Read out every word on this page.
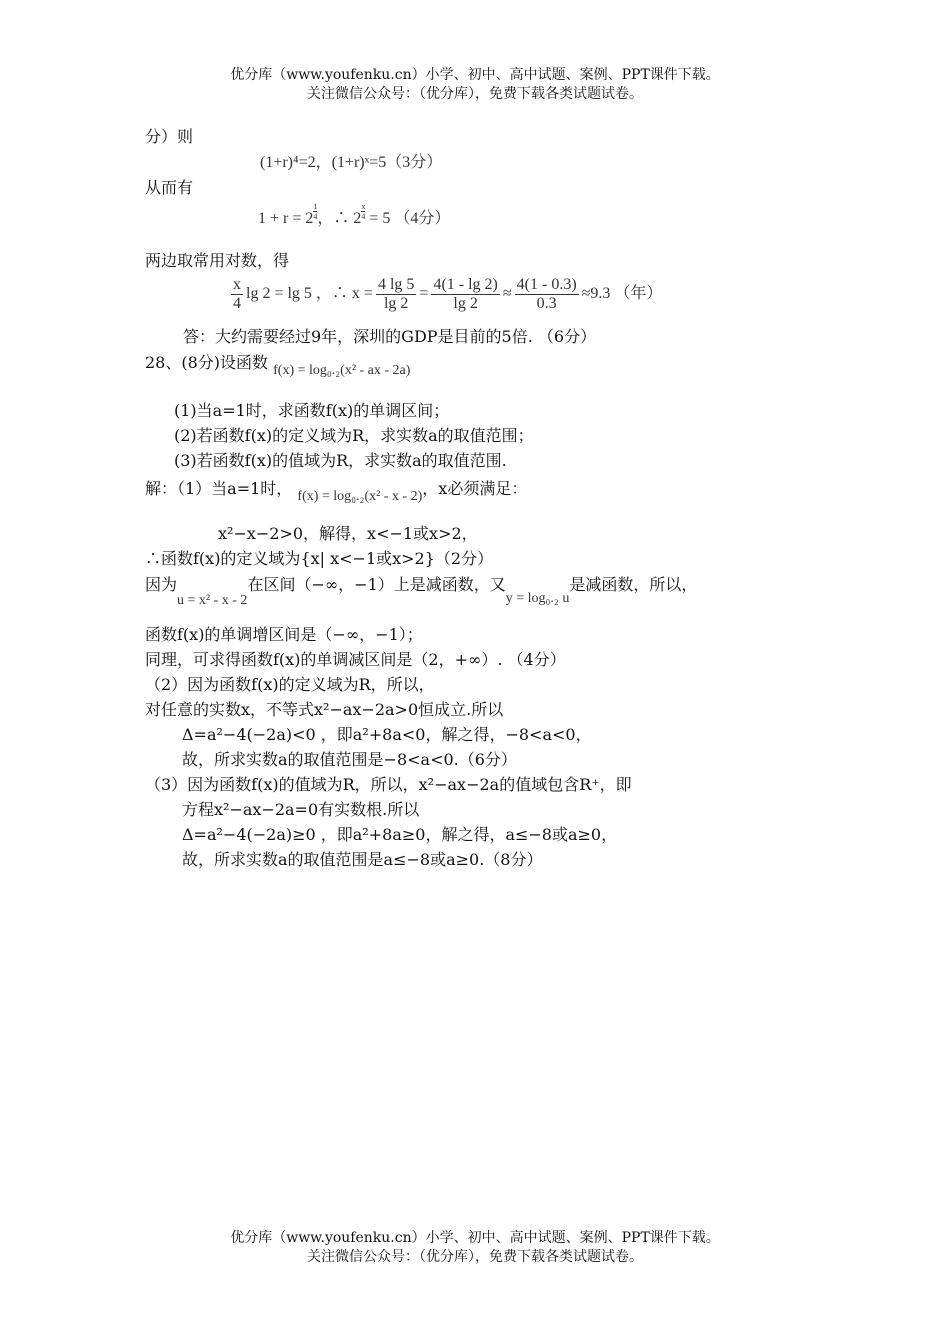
优分库（www.youfenku.cn）小学、初中、高中试题、案例、PPT课件下载。
关注微信公众号：（优分库），免费下载各类试题试卷。
分）则
(1+r)⁴=2，(1+r)ˣ=5（3分）
从而有
$1 + r = 2 \frac{1}{4}$ ，∴ $2 \frac{x}{4} = 5$ （4分）
两边取常用对数，得
$\frac{x}{4}$ lg 2 = lg 5 ，∴ $x = \frac{4 \lg 5}{\lg 2} = \frac{4(1 - \lg 2)}{\lg 2} \approx \frac{4(1 - 0.3)}{0.3} \approx 9.3$ （年）
答：大约需要经过9年，深圳的GDP是目前的5倍. （6分）
28、(8分)设函数 f(x) = log₀.₂(x² - ax - 2a)
(1)当a=1时，求函数f(x)的单调区间；
(2)若函数f(x)的定义域为R，求实数a的取值范围；
(3)若函数f(x)的值域为R，求实数a的取值范围.
解：（1）当a=1时， f(x) = log₀.₂(x² - x - 2)，x必须满足：
x²−x−2>0，解得，x<−1或x>2，
∴函数f(x)的定义域为{x| x<−1或x>2}（2分）
因为u = x² - x - 2在区间（−∞，−1）上是减函数，又y = log₀.₂ u是减函数，所以，
函数f(x)的单调增区间是（−∞，−1）；
同理，可求得函数f(x)的单调减区间是（2，+∞）. （4分）
（2）因为函数f(x)的定义域为R，所以，
对任意的实数x，不等式x²−ax−2a>0恒成立.所以
Δ=a²−4(−2a)<0 ，即a²+8a<0，解之得，−8<a<0，
故，所求实数a的取值范围是−8<a<0.（6分）
（3）因为函数f(x)的值域为R，所以，x²−ax−2a的值域包含R⁺，即
方程x²−ax−2a=0有实数根.所以
Δ=a²−4(−2a)≥0 ，即a²+8a≥0，解之得，a≤−8或a≥0，
故，所求实数a的取值范围是a≤−8或a≥0.（8分）
优分库（www.youfenku.cn）小学、初中、高中试题、案例、PPT课件下载。
关注微信公众号：（优分库），免费下载各类试题试卷。
